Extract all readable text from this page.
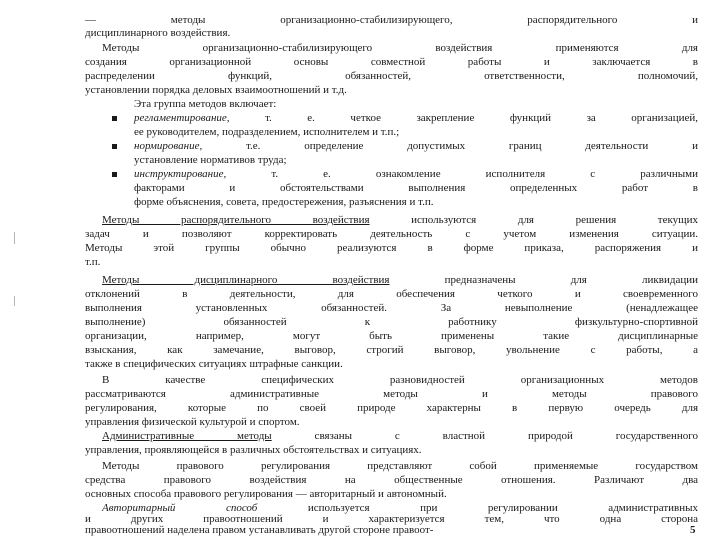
— методы организационно-стабилизирующего, распорядительного и
дисциплинарного воздействия.
Методы организационно-стабилизирующего воздействия применяются для
создания организационной основы совместной работы и заключается в
распределении функций, обязанностей, ответственности, полномочий,
установлении порядка деловых взаимоотношений и т.д.
Эта группа методов включает:
регламентирование, т. е. четкое закрепление функций за организацией,
ее руководителем, подразделением, исполнителем и т.п.;
нормирование, т.е. определение допустимых границ деятельности и
установление нормативов труда;
инструктирование, т. е. ознакомление исполнителя с различными
факторами и обстоятельствами выполнения определенных работ в
форме объяснения, совета, предостережения, разъяснения и т.п.
Методы распорядительного воздействия используются для решения текущих
задач и позволяют корректировать деятельность с учетом изменения ситуации.
Методы этой группы обычно реализуются в форме приказа, распоряжения и
т.п.
Методы дисциплинарного воздействия предназначены для ликвидации
отклонений в деятельности, для обеспечения четкого и своевременного
выполнения установленных обязанностей. За невыполнение (ненадлежащее
выполнение) обязанностей к работнику физкультурно-спортивной
организации, например, могут быть применены такие дисциплинарные
взыскания, как замечание, выговор, строгий выговор, увольнение с работы, а
также в специфических ситуациях штрафные санкции.
В качестве специфических разновидностей организационных методов
рассматриваются административные методы и методы правового
регулирования, которые по своей природе характерны в первую очередь для
управления физической культурой и спортом.
Административные методы связаны с властной природой государственного
управления, проявляющейся в различных обстоятельствах и ситуациях.
Методы правового регулирования представляют собой применяемые государством
средства правового воздействия на общественные отношения. Различают два
основных способа правового регулирования — авторитарный и автономный.
Авторитарный способ используется при регулировании административных
и других правоотношений и характеризуется тем, что одна сторона
правоотношений наделена правом устанавливать другой стороне правоот-	5
ношений содержание ее деятельности. Автономный способ базируется на том, что стороны правоотношений являются равноправными и в рамках действующего законодательства могут самостоятельно устанавливать содержание своих прав и обязанностей, из-
